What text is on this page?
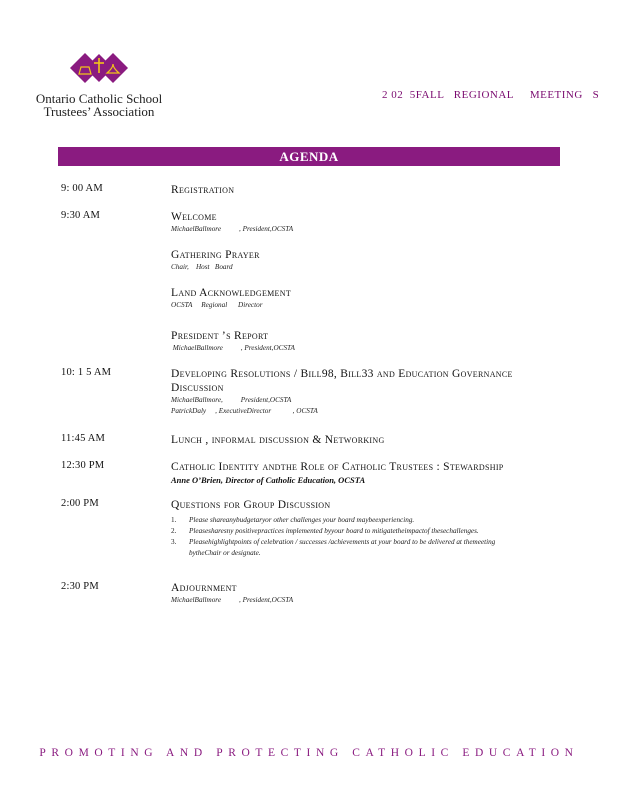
Ontario Catholic School
Trustees’ Association
2 02  5FALL   REGIONAL     MEETING   S
AGENDA
9: 00 AM	Registration
9:30 AM	Welcome
MichaelBallmore          , President,OCSTA
Gathering Prayer
Chair,    Host   Board
Land Acknowledgement
OCSTA     Regional      Director
President ’s Report
MichaelBallmore          , President,OCSTA
10: 1 5 AM	Developing Resolutions / Bill98, Bill33 and Education Governance Discussion
MichaelBallmore,          President,OCSTA
PatrickDaly     , ExecutiveDirector            , OCSTA
11:45 AM	Lunch , informal discussion & Networking
12:30 PM	Catholic Identity andthe Role of Catholic Trustees : Stewardship
Anne O’Brien, Director of Catholic Education, OCSTA
2:00 PM	Questions for Group Discussion
1. Please shareanybudgetaryor other challenges your board maybeexperiencing.
2. Pleasesharesny positivepractices implemented byyour board to mitigatetheimpactof thesechallenges.
3. Pleasehighlightpoints of celebration / successes /achievements at your board to be delivered at themeeting bytheChair or designate.
2:30 PM	Adjournment
MichaelBallmore          , President,OCSTA
PROMOTING AND PROTECTING CATHOLIC EDUCATION
